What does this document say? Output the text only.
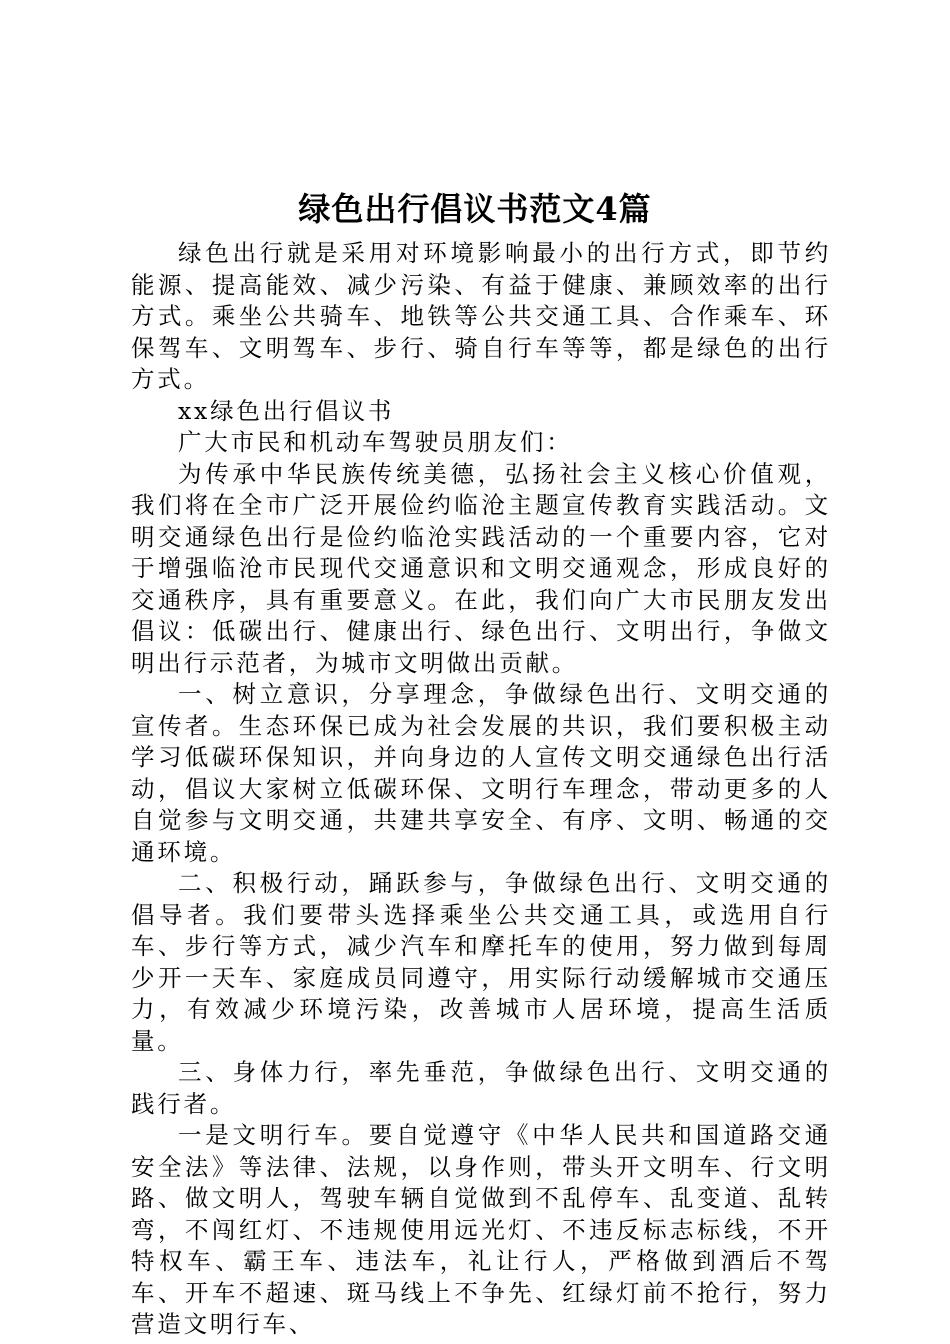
绿色出行倡议书范文4篇

绿色出行就是采用对环境影响最小的出行方式，即节约能源、提高能效、减少污染、有益于健康、兼顾效率的出行方式。乘坐公共骑车、地铁等公共交通工具、合作乘车、环保驾车、文明驾车、步行、骑自行车等等，都是绿色的出行方式。

xx绿色出行倡议书

广大市民和机动车驾驶员朋友们：

为传承中华民族传统美德，弘扬社会主义核心价值观，我们将在全市广泛开展俭约临沧主题宣传教育实践活动。文明交通绿色出行是俭约临沧实践活动的一个重要内容，它对于增强临沧市民现代交通意识和文明交通观念，形成良好的交通秩序，具有重要意义。在此，我们向广大市民朋友发出倡议：低碳出行、健康出行、绿色出行、文明出行，争做文明出行示范者，为城市文明做出贡献。

一、树立意识，分享理念，争做绿色出行、文明交通的宣传者。生态环保已成为社会发展的共识，我们要积极主动学习低碳环保知识，并向身边的人宣传文明交通绿色出行活动，倡议大家树立低碳环保、文明行车理念，带动更多的人自觉参与文明交通，共建共享安全、有序、文明、畅通的交通环境。

二、积极行动，踊跃参与，争做绿色出行、文明交通的倡导者。我们要带头选择乘坐公共交通工具，或选用自行车、步行等方式，减少汽车和摩托车的使用，努力做到每周少开一天车、家庭成员同遵守，用实际行动缓解城市交通压力，有效减少环境污染，改善城市人居环境，提高生活质量。

三、身体力行，率先垂范，争做绿色出行、文明交通的践行者。

一是文明行车。要自觉遵守《中华人民共和国道路交通安全法》等法律、法规，以身作则，带头开文明车、行文明路、做文明人，驾驶车辆自觉做到不乱停车、乱变道、乱转弯，不闯红灯、不违规使用远光灯、不违反标志标线，不开特权车、霸王车、违法车，礼让行人，严格做到酒后不驾车、开车不超速、斑马线上不争先、红绿灯前不抢行，努力营造文明行车、
